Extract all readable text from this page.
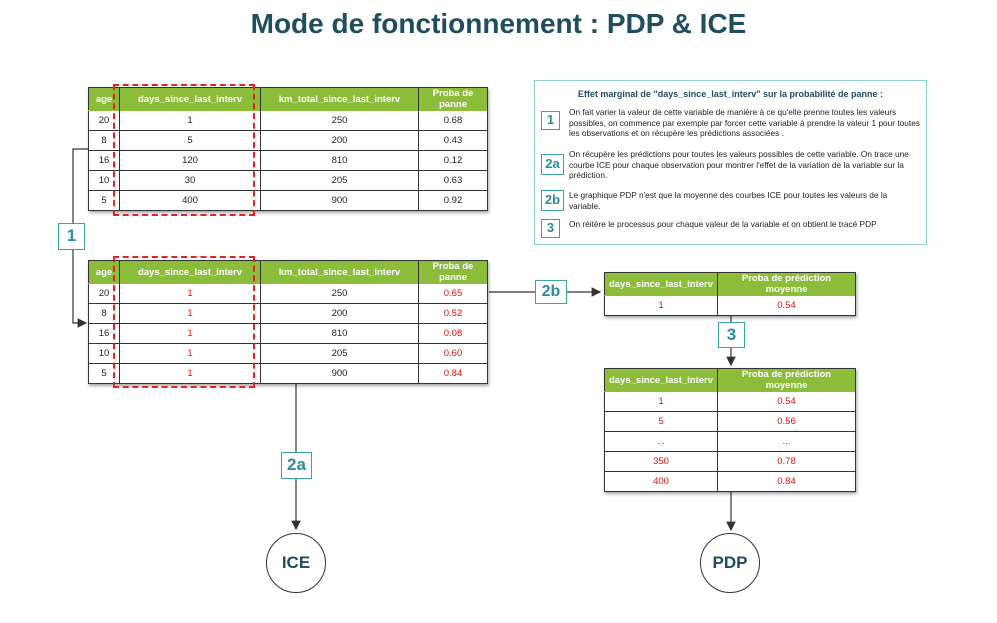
Mode de fonctionnement : PDP & ICE
age	days_since_last_interv	km_total_since_last_interv	Proba de panne
20	1	250	0.68
8	5	200	0.43
16	120	810	0.12
10	30	205	0.63
5	400	900	0.92
age	days_since_last_interv	km_total_since_last_interv	Proba de panne
20	1	250	0.65
8	1	200	0.52
16	1	810	0.08
10	1	205	0.60
5	1	900	0.84
days_since_last_interv	Proba de prédiction moyenne
1	0.54
days_since_last_interv	Proba de prédiction moyenne
1	0.54
5	0.56
...	...
350	0.78
400	0.84
1
2b
3
2a
ICE	PDP
Effet marginal de "days_since_last_interv" sur la probabilité de panne :
1	On fait varier la valeur de cette variable de manière à ce qu'elle prenne toutes les valeurs possibles, on commence par exemple par forcer cette variable à prendre la valeur 1 pour toutes les observations et on récupère les prédictions associées .
2a
On récupère les prédictions pour toutes les valeurs possibles de cette variable. On trace une courbe ICE pour chaque observation pour montrer l'effet de la variation de la variable sur la prédiction.
2b	Le graphique PDP n'est que la moyenne des courbes ICE pour toutes les valeurs de la variable.
3	On réitère le processus pour chaque valeur de la variable et on obtient le tracé PDP
